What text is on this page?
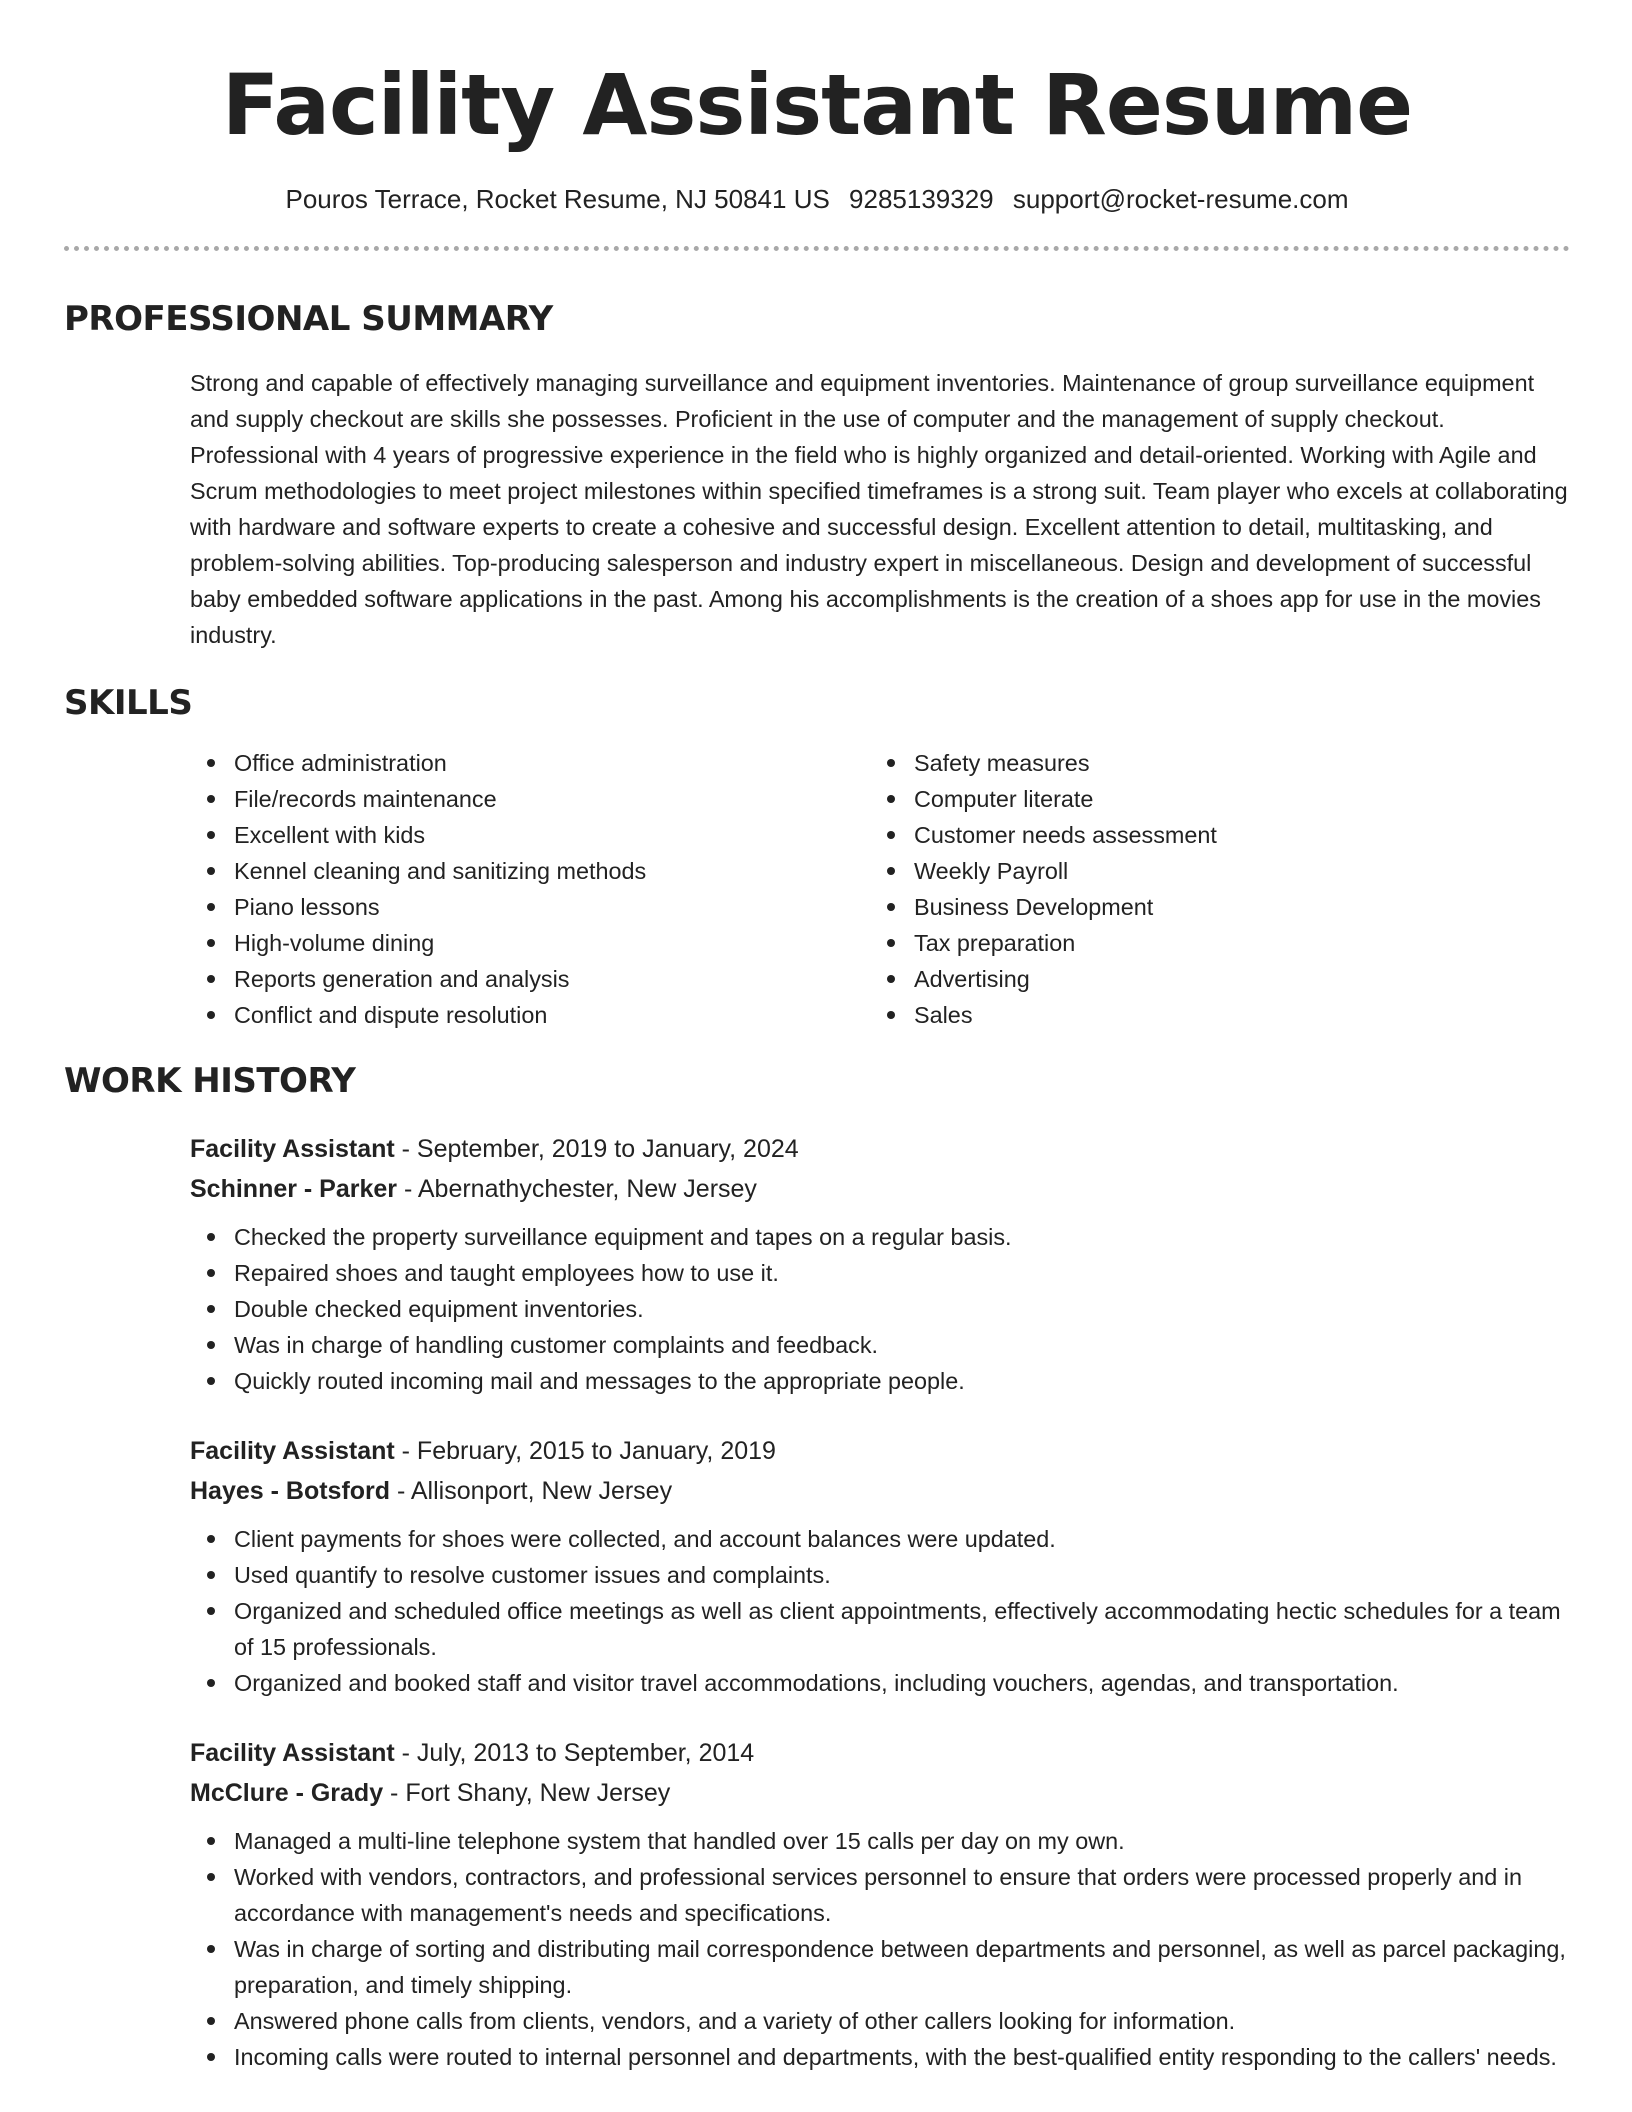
Facility Assistant Resume
Pouros Terrace, Rocket Resume, NJ 50841 US 9285139329 support@rocket-resume.com
PROFESSIONAL SUMMARY

Strong and capable of effectively managing surveillance and equipment inventories. Maintenance of group surveillance equipment and supply checkout are skills she possesses. Proficient in the use of computer and the management of supply checkout. Professional with 4 years of progressive experience in the field who is highly organized and detail-oriented. Working with Agile and Scrum methodologies to meet project milestones within specified timeframes is a strong suit. Team player who excels at collaborating with hardware and software experts to create a cohesive and successful design. Excellent attention to detail, multitasking, and problem-solving abilities. Top-producing salesperson and industry expert in miscellaneous. Design and development of successful baby embedded software applications in the past. Among his accomplishments is the creation of a shoes app for use in the movies industry.

SKILLS
Office administration
File/records maintenance
Excellent with kids
Kennel cleaning and sanitizing methods
Piano lessons
High-volume dining
Reports generation and analysis
Conflict and dispute resolution
Safety measures
Computer literate
Customer needs assessment
Weekly Payroll
Business Development
Tax preparation
Advertising
Sales
WORK HISTORY
Facility Assistant - September, 2019 to January, 2024
Schinner - Parker - Abernathychester, New Jersey
Checked the property surveillance equipment and tapes on a regular basis.
Repaired shoes and taught employees how to use it.
Double checked equipment inventories.
Was in charge of handling customer complaints and feedback.
Quickly routed incoming mail and messages to the appropriate people.
Facility Assistant - February, 2015 to January, 2019
Hayes - Botsford - Allisonport, New Jersey
Client payments for shoes were collected, and account balances were updated.
Used quantify to resolve customer issues and complaints.
Organized and scheduled office meetings as well as client appointments, effectively accommodating hectic schedules for a team of 15 professionals.
Organized and booked staff and visitor travel accommodations, including vouchers, agendas, and transportation.
Facility Assistant - July, 2013 to September, 2014
McClure - Grady - Fort Shany, New Jersey
Managed a multi-line telephone system that handled over 15 calls per day on my own.
Worked with vendors, contractors, and professional services personnel to ensure that orders were processed properly and in accordance with management's needs and specifications.
Was in charge of sorting and distributing mail correspondence between departments and personnel, as well as parcel packaging, preparation, and timely shipping.
Answered phone calls from clients, vendors, and a variety of other callers looking for information.
Incoming calls were routed to internal personnel and departments, with the best-qualified entity responding to the callers' needs.
